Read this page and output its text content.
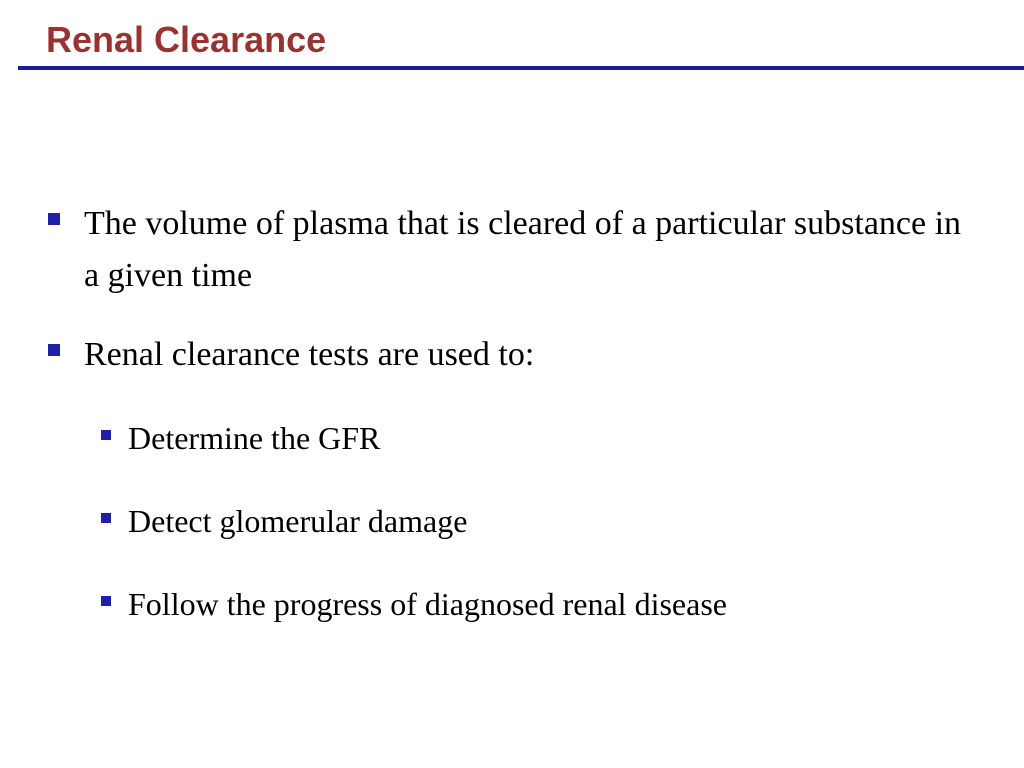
Renal Clearance
The volume of plasma that is cleared of a particular substance in a given time
Renal clearance tests are used to:
Determine the GFR
Detect glomerular damage
Follow the progress of diagnosed renal disease
